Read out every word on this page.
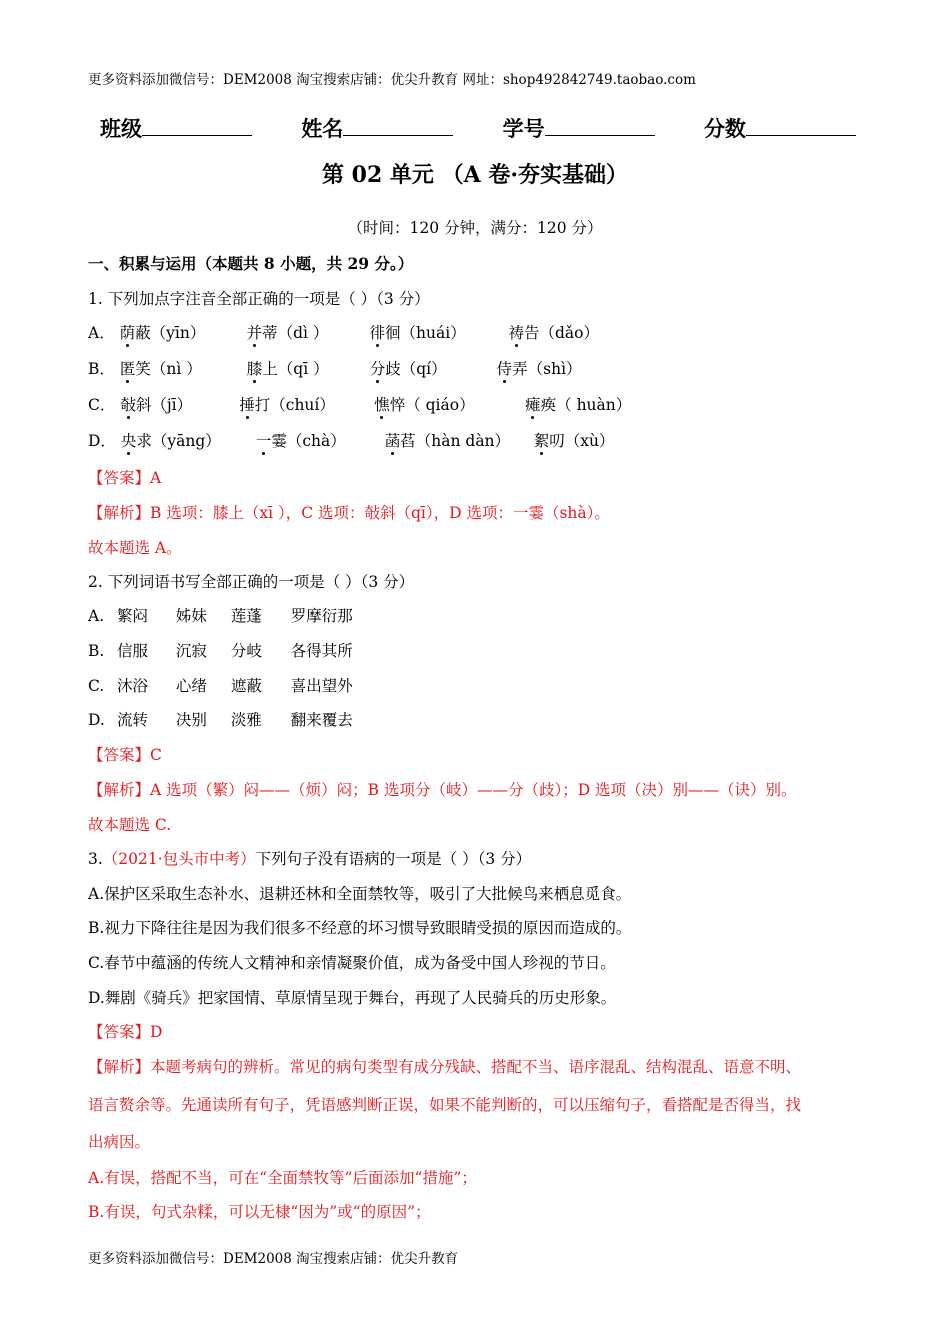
更多资料添加微信号：DEM2008 淘宝搜索店铺：优尖升教育 网址：shop492842749.taobao.com
班级	姓名	学号	分数
第 02 单元 （A 卷·夯实基础）
（时间：120 分钟，满分：120 分）
一、积累与运用（本题共 8 小题，共 29 分。）
1. 下列加点字注音全部正确的一项是（ ）（3 分）
A． 荫蔽（yīn）	并蒂（dì ）	徘徊（huái）	祷告（dǎo）
B． 匿笑（nì ）	膝上（qī ）	分歧（qí）	侍弄（shì）
C． 敧斜（jī）	捶打（chuí）	憔悴（ qiáo）	瘫痪（ huàn）
D． 央求（yāng） 一霎（chà）	菡萏（hàn dàn） 絮叨（xù）
【答案】A
【解析】B 选项：膝上（xī ），C 选项：敧斜（qī），D 选项：一霎（shà）。
故本题选 A。
2. 下列词语书写全部正确的一项是（ ）（3 分）
A. 繁闷 姊妹 莲蓬 罗摩衍那
B. 信服 沉寂 分岐 各得其所
C. 沐浴 心绪 遮蔽 喜出望外
D. 流转 决别 淡雅 翻来覆去
【答案】C
【解析】A 选项（繁）闷——（烦）闷；B 选项分（岐）——分（歧）；D 选项（决）别——（诀）别。
故本题选 C.
3.（2021·包头市中考）下列句子没有语病的一项是（ ）（3 分）
A.保护区采取生态补水、退耕还林和全面禁牧等，吸引了大批候鸟来栖息觅食。
B.视力下降往往是因为我们很多不经意的坏习惯导致眼睛受损的原因而造成的。
C.春节中蕴涵的传统人文精神和亲情凝聚价值，成为备受中国人珍视的节日。
D.舞剧《骑兵》把家国情、草原情呈现于舞台，再现了人民骑兵的历史形象。
【答案】D
【解析】本题考病句的辨析。常见的病句类型有成分残缺、搭配不当、语序混乱、结构混乱、语意不明、
语言赘余等。先通读所有句子，凭语感判断正误，如果不能判断的，可以压缩句子，看搭配是否得当，找
出病因。
A.有误，搭配不当，可在“全面禁牧等”后面添加“措施”；
B.有误，句式杂糅，可以无棣“因为”或“的原因”；
更多资料添加微信号：DEM2008 淘宝搜索店铺：优尖升教育
